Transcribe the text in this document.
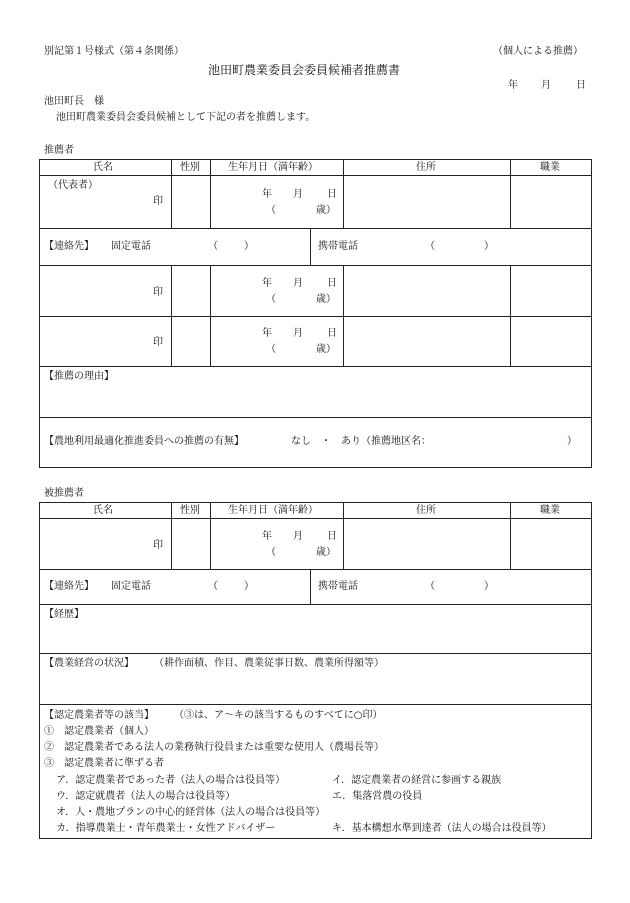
別記第１号様式（第４条関係）	（個人による推薦）
池田町農業委員会委員候補者推薦書
年 月	日
池田町長　様
池田町農業委員会委員候補として下記の者を推薦します。
推薦者
氏名	性別	生年月日（満年齢）	住所	職業
（代表者）
印
年 月 日
（	歳）
【連絡先】 固定電話	（	）	携帯電話	（	）
印
年 月 日
（	歳）
印
年 月 日
（	歳）
【推薦の理由】
【農地利用最適化推進委員への推薦の有無】	なし　・　あり（推薦地区名：	）
被推薦者
氏名	性別	生年月日（満年齢）	住所	職業
印
年 月 日
（	歳）
【連絡先】 固定電話	（	）	携帯電話	（	）
【経歴】
【農業経営の状況】 （耕作面積、作目、農業従事日数、農業所得額等）
【認定農業者等の該当】 （③は、ア～キの該当するものすべてに○印）
①　認定農業者（個人）
②　認定農業者である法人の業務執行役員または重要な使用人（農場長等）
③　認定農業者に準ずる者
ア．認定農業者であった者（法人の場合は役員等）	イ．認定農業者の経営に参画する親族
ウ．認定就農者（法人の場合は役員等）	エ．集落営農の役員
オ．人・農地プランの中心的経営体（法人の場合は役員等）
カ．指導農業士・青年農業士・女性アドバイザー	キ．基本構想水準到達者（法人の場合は役員等）
